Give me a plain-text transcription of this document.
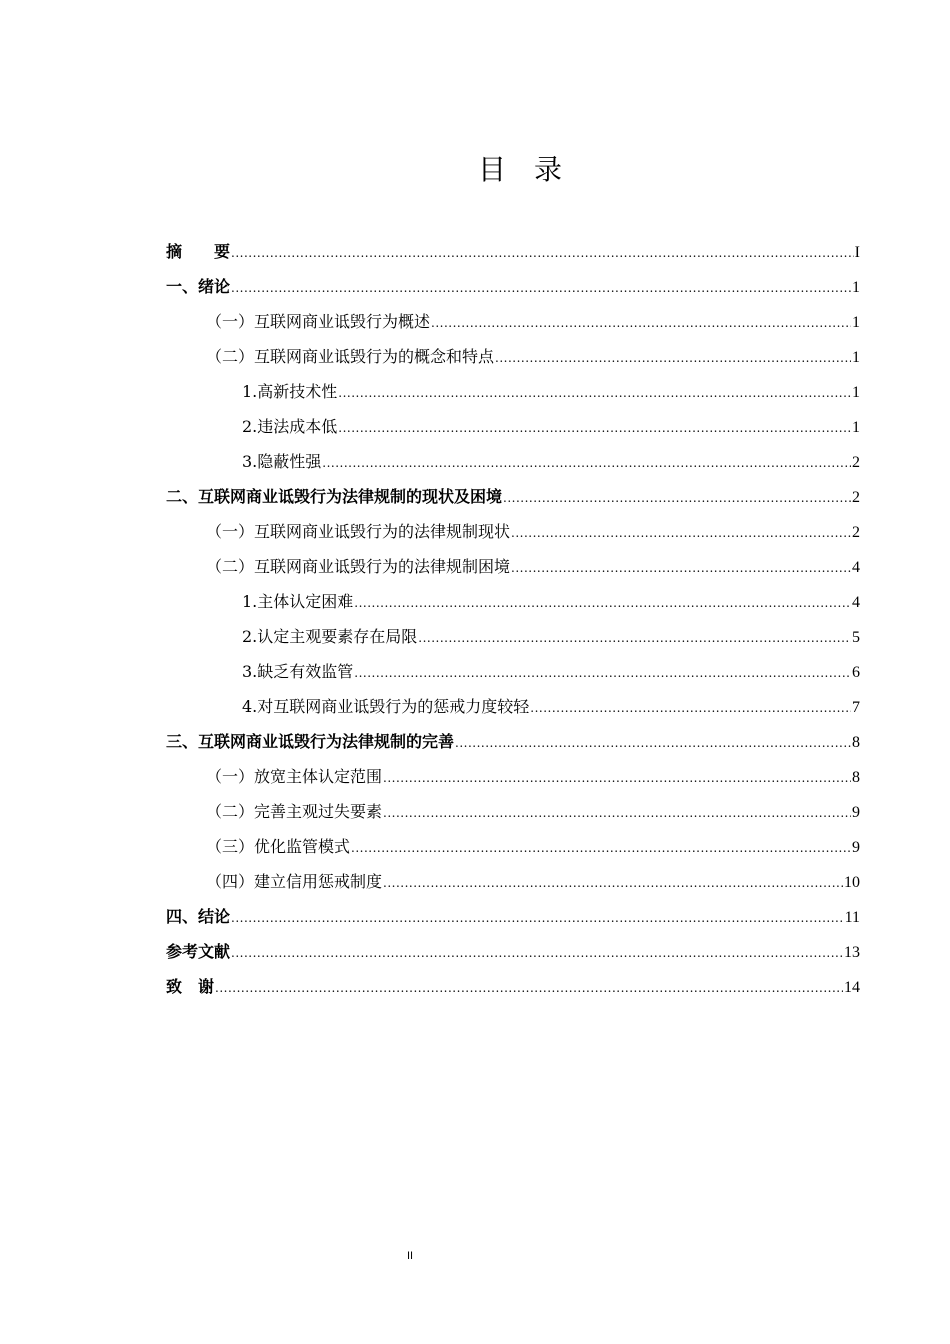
目　录
摘　　要 .....	I
一、绪论 .....	1
（一）互联网商业诋毁行为概述 .....	1
（二）互联网商业诋毁行为的概念和特点 .....	1
1.高新技术性 .....	1
2.违法成本低 .....	1
3.隐蔽性强 .....	2
二、互联网商业诋毁行为法律规制的现状及困境 .....	2
（一）互联网商业诋毁行为的法律规制现状 .....	2
（二）互联网商业诋毁行为的法律规制困境 .....	4
1.主体认定困难 .....	4
2.认定主观要素存在局限 .....	5
3.缺乏有效监管 .....	6
4.对互联网商业诋毁行为的惩戒力度较轻 .....	7
三、互联网商业诋毁行为法律规制的完善 .....	8
（一）放宽主体认定范围 .....	8
（二）完善主观过失要素 .....	9
（三）优化监管模式 .....	9
（四）建立信用惩戒制度 .....	10
四、结论 .....	11
参考文献 .....	13
致　谢 .....	14
II
